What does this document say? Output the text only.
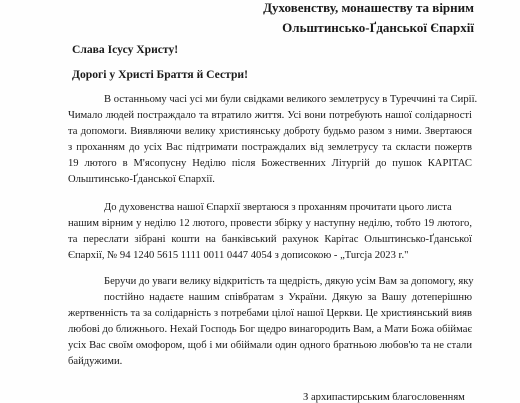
Духовенству, монашеству та вірним
Ольштинсько-Ґданської Єпархії
Слава Ісусу Христу!
Дорогі у Христі Браття й Сестри!
В останньому часі усі ми були свідками великого землетрусу в Туреччині та Сирії.
Чимало людей постраждало та втратило життя. Усі вони потребують нашої солідарності
та допомоги. Виявляючи велику християнську доброту будьмо разом з ними. Звертаюся
з проханням до усіх Вас підтримати постраждалих від землетрусу та скласти пожертв
19 лютого в М'ясопусну Неділю після Божественних Літургій до пушок КАРІТАС
Ольштинсько-Ґданської Єпархії.
До духовенства нашої Єпархії звертаюся з проханням прочитати цього листа
нашим вірним у неділю 12 лютого, провести збірку у наступну неділю, тобто 19 лютого,
та переслати зібрані кошти на банківський рахунок Карітас Ольштинсько-Ґданської
Єпархії, № 94 1240 5615 1111 0011 0447 4054 з дописокою - „Turcja 2023 r."
Беручи до уваги велику відкритість та щедрість, дякую усім Вам за допомогу, яку
постійно надаєте нашим співбратам з України. Дякую за Вашу дотеперішню
жертвенність та за солідарність з потребами цілої нашої Церкви. Це християнський вияв
любові до ближнього. Нехай Господь Бог щедро винагородить Вам, а Мати Божа обіймає
усіх Вас своїм омофором, щоб і ми обіймали один одного братньою любов'ю та не стали
байдужими.
З архипастирським благословенням
